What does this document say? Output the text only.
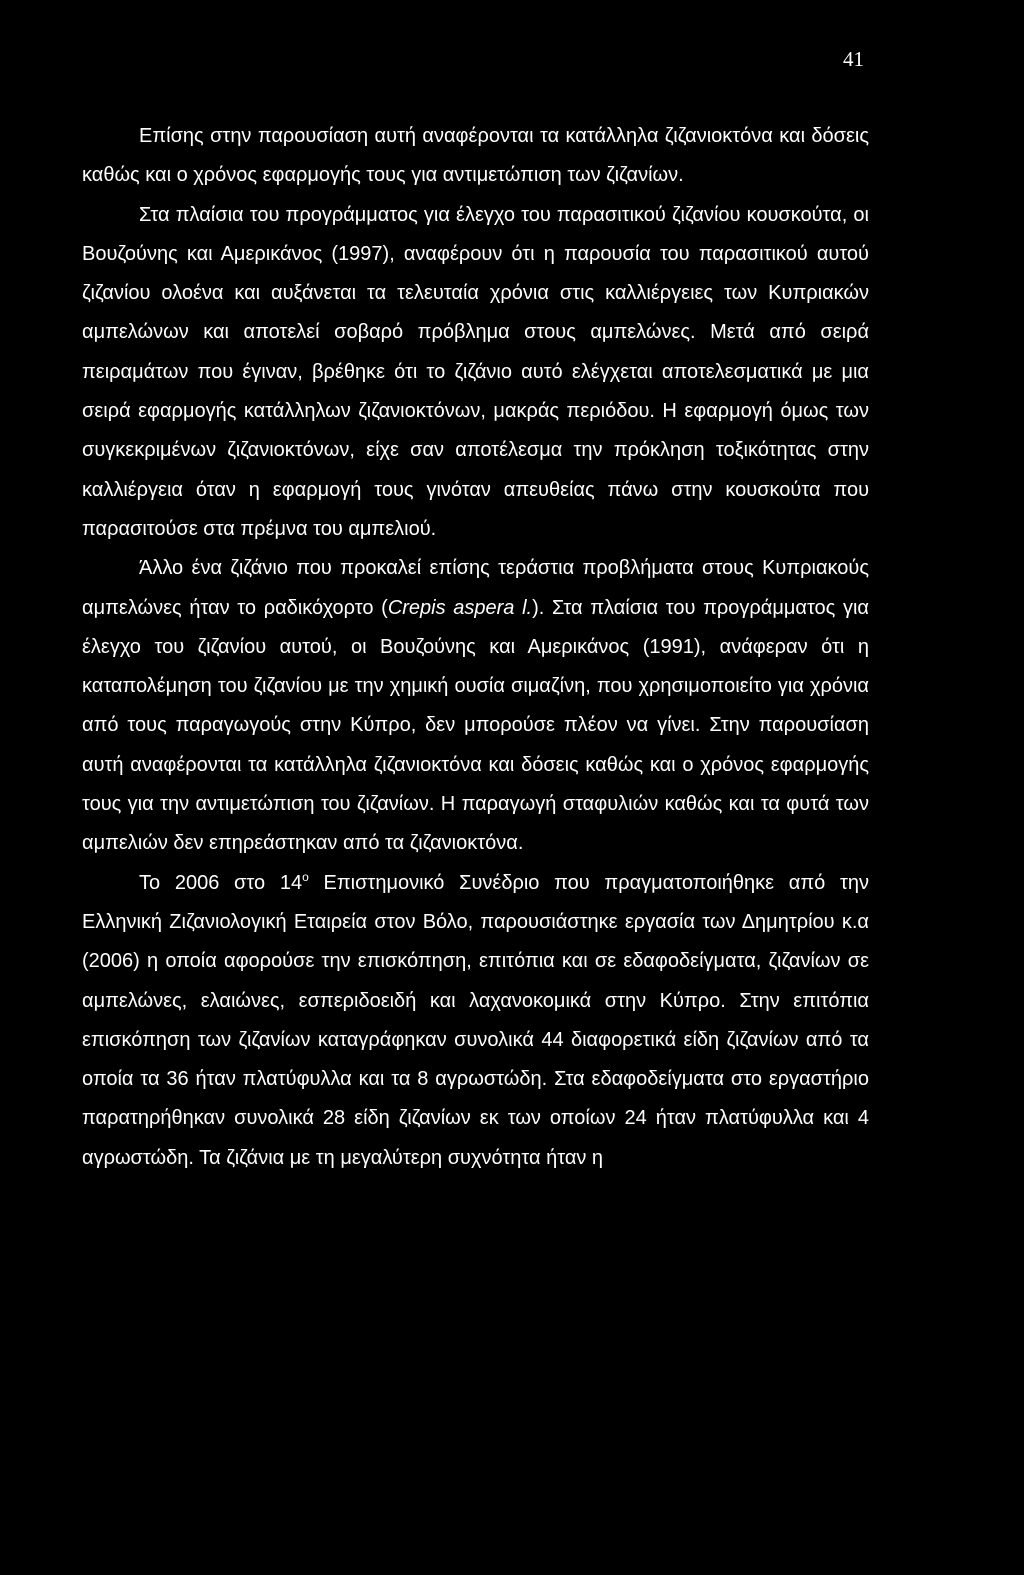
41

Επίσης στην παρουσίαση αυτή αναφέρονται τα κατάλληλα ζιζανιοκτόνα και δόσεις καθώς και ο χρόνος εφαρμογής τους για αντιμετώπιση των ζιζανίων.

Στα πλαίσια του προγράμματος για έλεγχο του παρασιτικού ζιζανίου κουσκούτα, οι Βουζούνης και Αμερικάνος (1997), αναφέρουν ότι η παρουσία του παρασιτικού αυτού ζιζανίου ολοένα και αυξάνεται τα τελευταία χρόνια στις καλλιέργειες των Κυπριακών αμπελώνων και αποτελεί σοβαρό πρόβλημα στους αμπελώνες. Μετά από σειρά πειραμάτων που έγιναν, βρέθηκε ότι το ζιζάνιο αυτό ελέγχεται αποτελεσματικά με μια σειρά εφαρμογής κατάλληλων ζιζανιοκτόνων, μακράς περιόδου. Η εφαρμογή όμως των συγκεκριμένων ζιζανιοκτόνων, είχε σαν αποτέλεσμα την πρόκληση τοξικότητας στην καλλιέργεια όταν η εφαρμογή τους γινόταν απευθείας πάνω στην κουσκούτα που παρασιτούσε στα πρέμνα του αμπελιού.

Άλλο ένα ζιζάνιο που προκαλεί επίσης τεράστια προβλήματα στους Κυπριακούς αμπελώνες ήταν το ραδικόχορτο (Crepis aspera l.). Στα πλαίσια του προγράμματος για έλεγχο του ζιζανίου αυτού, οι Βουζούνης και Αμερικάνος (1991), ανάφεραν ότι η καταπολέμηση του ζιζανίου με την χημική ουσία σιμαζίνη, που χρησιμοποιείτο για χρόνια από τους παραγωγούς στην Κύπρο, δεν μπορούσε πλέον να γίνει. Στην παρουσίαση αυτή αναφέρονται τα κατάλληλα ζιζανιοκτόνα και δόσεις καθώς και ο χρόνος εφαρμογής τους για την αντιμετώπιση του ζιζανίων. Η παραγωγή σταφυλιών καθώς και τα φυτά των αμπελιών δεν επηρεάστηκαν από τα ζιζανιοκτόνα.

Το 2006 στο $14^o$ Επιστημονικό Συνέδριο που πραγματοποιήθηκε από την Ελληνική Ζιζανιολογική Εταιρεία στον Βόλο, παρουσιάστηκε εργασία των Δημητρίου κ.α (2006) η οποία αφορούσε την επισκόπηση, επιτόπια και σε εδαφοδείγματα, ζιζανίων σε αμπελώνες, ελαιώνες, εσπεριδοειδή και λαχανοκομικά στην Κύπρο. Στην επιτόπια επισκόπηση των ζιζανίων καταγράφηκαν συνολικά 44 διαφορετικά είδη ζιζανίων από τα οποία τα 36 ήταν πλατύφυλλα και τα 8 αγρωστώδη. Στα εδαφοδείγματα στο εργαστήριο παρατηρήθηκαν συνολικά 28 είδη ζιζανίων εκ των οποίων 24 ήταν πλατύφυλλα και 4 αγρωστώδη. Τα ζιζάνια με τη μεγαλύτερη συχνότητα ήταν η
